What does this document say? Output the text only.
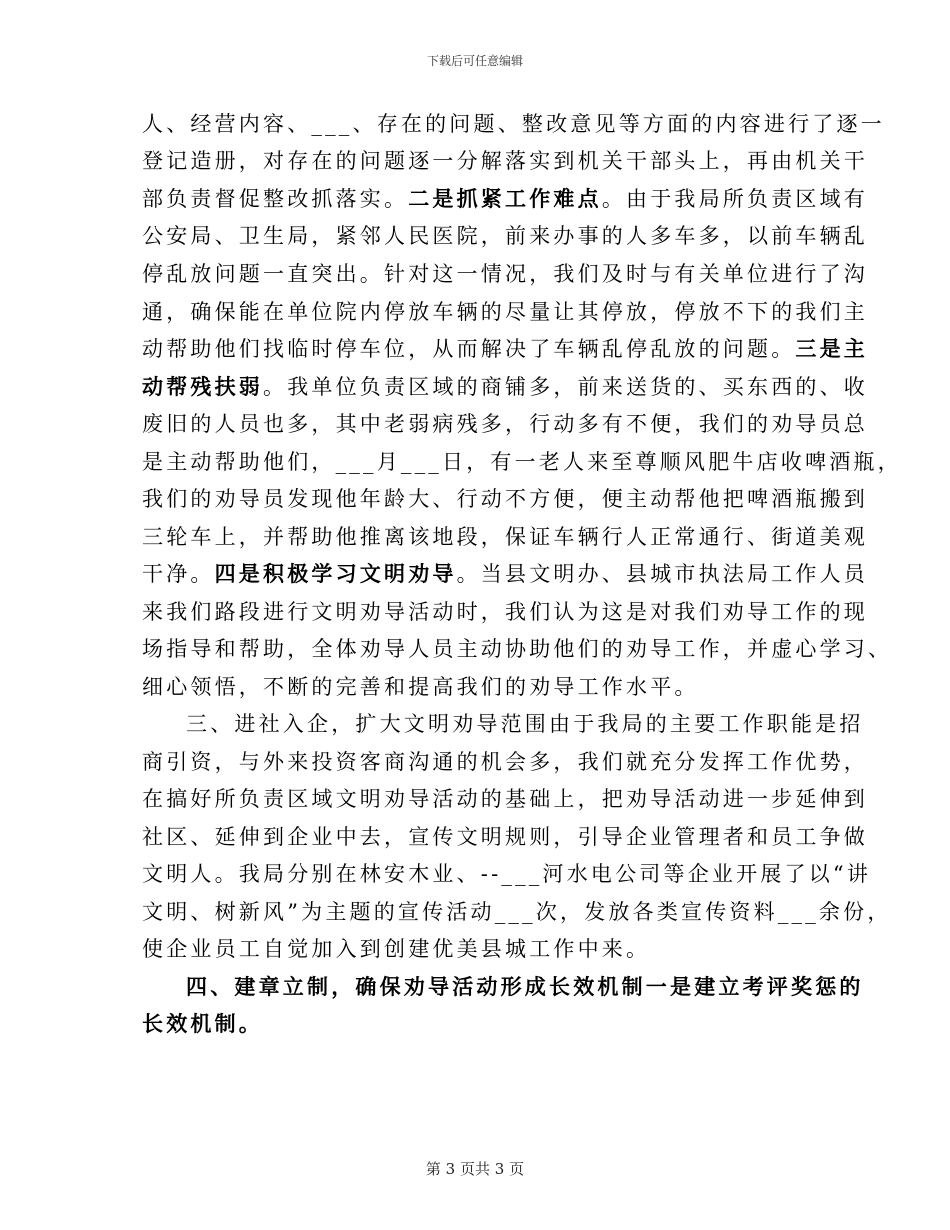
下载后可任意编辑
人、经营内容、___、存在的问题、整改意见等方面的内容进行了逐一
登记造册，对存在的问题逐一分解落实到机关干部头上，再由机关干
部负责督促整改抓落实。二是抓紧工作难点。由于我局所负责区域有
公安局、卫生局，紧邻人民医院，前来办事的人多车多，以前车辆乱
停乱放问题一直突出。针对这一情况，我们及时与有关单位进行了沟
通，确保能在单位院内停放车辆的尽量让其停放，停放不下的我们主
动帮助他们找临时停车位，从而解决了车辆乱停乱放的问题。三是主
动帮残扶弱。我单位负责区域的商铺多，前来送货的、买东西的、收
废旧的人员也多，其中老弱病残多，行动多有不便，我们的劝导员总
是主动帮助他们，___月___日，有一老人来至尊顺风肥牛店收啤酒瓶，
我们的劝导员发现他年龄大、行动不方便，便主动帮他把啤酒瓶搬到
三轮车上，并帮助他推离该地段，保证车辆行人正常通行、街道美观
干净。四是积极学习文明劝导。当县文明办、县城市执法局工作人员
来我们路段进行文明劝导活动时，我们认为这是对我们劝导工作的现
场指导和帮助，全体劝导人员主动协助他们的劝导工作，并虚心学习、
细心领悟，不断的完善和提高我们的劝导工作水平。
三、进社入企，扩大文明劝导范围由于我局的主要工作职能是招
商引资，与外来投资客商沟通的机会多，我们就充分发挥工作优势，
在搞好所负责区域文明劝导活动的基础上，把劝导活动进一步延伸到
社区、延伸到企业中去，宣传文明规则，引导企业管理者和员工争做
文明人。我局分别在林安木业、--___河水电公司等企业开展了以“讲
文明、树新风”为主题的宣传活动___次，发放各类宣传资料___余份，
使企业员工自觉加入到创建优美县城工作中来。
四、建章立制，确保劝导活动形成长效机制一是建立考评奖惩的
长效机制。
第 3 页共 3 页
